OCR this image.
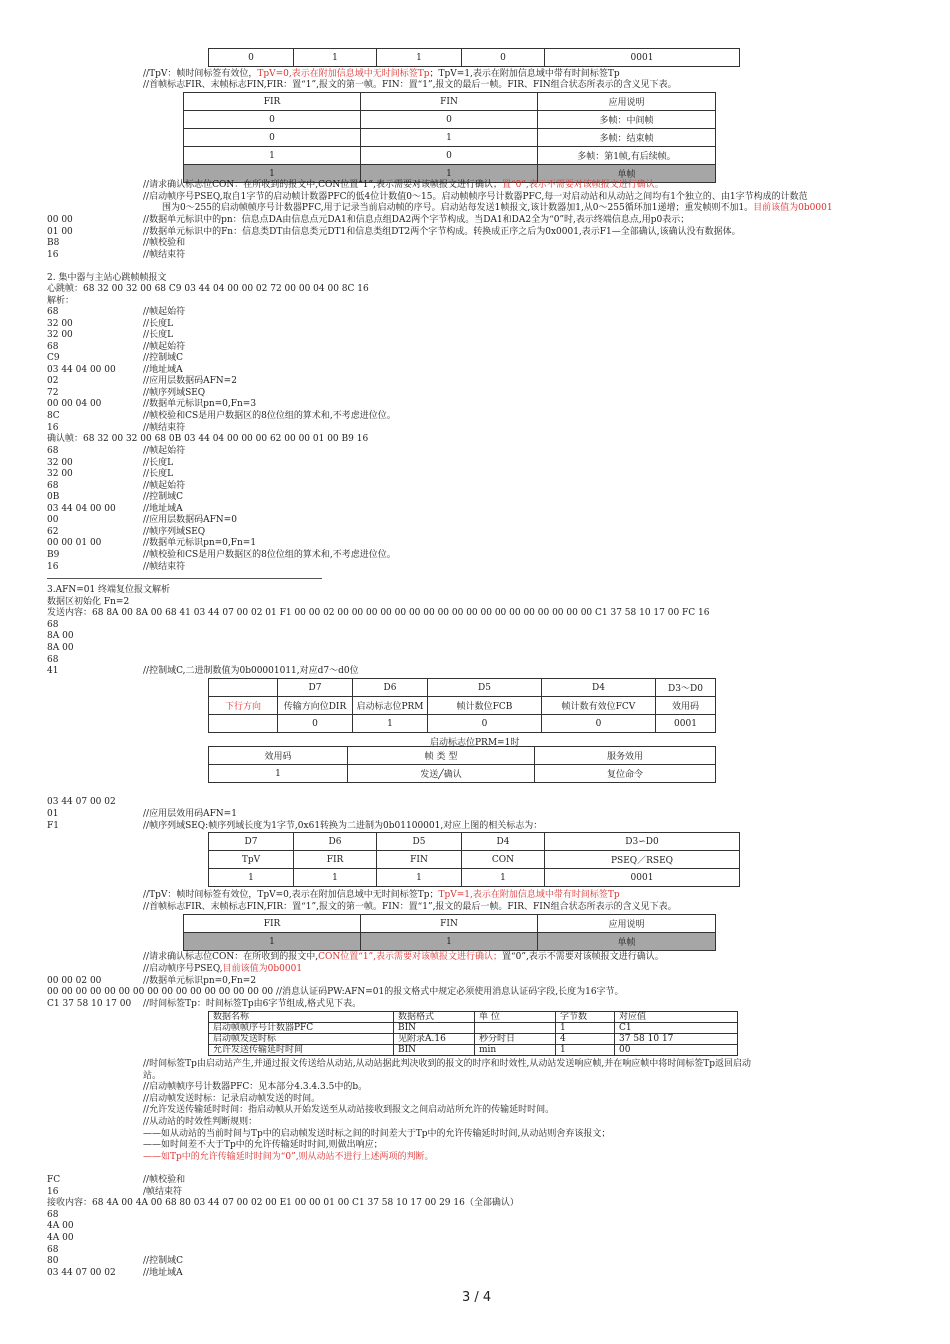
0	1	1	0	0001
//TpV：帧时间标签有效位，TpV=0,表示在附加信息域中无时间标签Tp；TpV=1,表示在附加信息域中带有时间标签Tp
//首帧标志FIR、末帧标志FIN,FIR：置“1”,报文的第一帧。FIN：置“1”,报文的最后一帧。FIR、FIN组合状态所表示的含义见下表。
FIR	FIN	应用说明
0	0	多帧：中间帧
0	1	多帧：结束帧
1	0	多帧：第1帧,有后续帧。
1	1	单帧
//请求确认标志位CON：在所收到的报文中,CON位置“1”,表示需要对该帧报文进行确认；置“0”,表示不需要对该帧报文进行确认。
//启动帧序号PSEQ,取自1字节的启动帧计数器PFC的低4位计数值0～15。启动帧帧序号计数器PFC,每一对启动站和从动站之间均有1个独立的、由1字节构成的计数范
围为0～255的启动帧帧序号计数器PFC,用于记录当前启动帧的序号。启动站每发送1帧报文,该计数器加1,从0～255循环加1递增；重发帧则不加1。目前该值为0b0001
00 00	//数据单元标识中的pn：信息点DA由信息点元DA1和信息点组DA2两个字节构成。当DA1和DA2全为“0”时,表示终端信息点,用p0表示；
01 00	//数据单元标识中的Fn：信息类DT由信息类元DT1和信息类组DT2两个字节构成。转换成正序之后为0x0001,表示F1—全部确认,该确认没有数据体。
B8	//帧校验和
16	//帧结束符
2. 集中器与主站心跳帧帧报文
心跳帧：68 32 00 32 00 68 C9 03 44 04 00 00 02 72 00 00 04 00 8C 16
解析：
68	//帧起始符
32 00	//长度L
32 00	//长度L
68	//帧起始符
C9	//控制域C
03 44 04 00 00	//地址域A
02	//应用层数据码AFN=2
72	//帧序列域SEQ
00 00 04 00	//数据单元标识pn=0,Fn=3
8C	//帧校验和CS是用户数据区的8位位组的算术和,不考虑进位位。
16	//帧结束符
确认帧：68 32 00 32 00 68 0B 03 44 04 00 00 00 62 00 00 01 00 B9 16
68	//帧起始符
32 00	//长度L
32 00	//长度L
68	//帧起始符
0B	//控制域C
03 44 04 00 00	//地址域A
00	//应用层数据码AFN=0
62	//帧序列域SEQ
00 00 01 00	//数据单元标识pn=0,Fn=1
B9	//帧校验和CS是用户数据区的8位位组的算术和,不考虑进位位。
16	//帧结束符
3.AFN=01 终端复位报文解析
数据区初始化 Fn=2
发送内容：68 8A 00 8A 00 68 41 03 44 07 00 02 01 F1 00 00 02 00 00 00 00 00 00 00 00 00 00 00 00 00 00 00 00 00 00 C1 37 58 10 17 00 FC 16
68
8A 00
8A 00
68
41	//控制域C,二进制数值为0b00001011,对应d7～d0位
	D7	D6	D5	D4	D3～D0
下行方向	传输方向位DIR	启动标志位PRM	帧计数位FCB	帧计数有效位FCV	效用码
	0	1	0	0	0001
启动标志位PRM=1时
效用码	帧 类 型	服务效用
1	发送╱确认	复位命令
03 44 07 00 02
01	//应用层效用码AFN=1
F1	//帧序列域SEQ:帧序列域长度为1字节,0x61转换为二进制为0b01100001,对应上图的相关标志为：
D7	D6	D5	D4	D3∽D0
TpV	FIR	FIN	CON	PSEQ／RSEQ
1	1	1	1	0001
//TpV：帧时间标签有效位，TpV=0,表示在附加信息域中无时间标签Tp；TpV=1,表示在附加信息域中带有时间标签Tp
//首帧标志FIR、末帧标志FIN,FIR：置“1”,报文的第一帧。FIN：置“1”,报文的最后一帧。FIR、FIN组合状态所表示的含义见下表。
FIR	FIN	应用说明
1	1	单帧
//请求确认标志位CON：在所收到的报文中,CON位置“1”,表示需要对该帧报文进行确认；置“0”,表示不需要对该帧报文进行确认。
//启动帧序号PSEQ,目前该值为0b0001
00 00 02 00	//数据单元标识pn=0,Fn=2
00 00 00 00 00 00 00 00 00 00 00 00 00 00 00 00 //消息认证码PW:AFN=01的报文格式中规定必须使用消息认证码字段,长度为16字节。
C1 37 58 10 17 00 //时间标签Tp：时间标签Tp由6字节组成,格式见下表。
数据名称	数据格式	单 位	字节数	对应值
启动帧帧序号计数器PFC	BIN		1	C1
启动帧发送时标	见附录A.16	秒分时日	4	37 58 10 17
允许发送传输延时时间	BIN	min	1	00
//时间标签Tp由启动站产生,并通过报文传送给从动站,从动站据此判决收到的报文的时序和时效性,从动站发送响应帧,并在响应帧中将时间标签Tp返回启动
站。
//启动帧帧序号计数器PFC：见本部分4.3.4.3.5中的b。
//启动帧发送时标：记录启动帧发送的时间。
//允许发送传输延时时间：指启动帧从开始发送至从动站接收到报文之间启动站所允许的传输延时时间。
//从动站的时效性判断规则：
——如从动站的当前时间与Tp中的启动帧发送时标之间的时间差大于Tp中的允许传输延时时间,从动站则舍弃该报文；
——如时间差不大于Tp中的允许传输延时时间,则做出响应；
——如Tp中的允许传输延时时间为“0”,则从动站不进行上述两项的判断。
FC	//帧校验和
16	/帧结束符
接收内容：68 4A 00 4A 00 68 80 03 44 07 00 02 00 E1 00 00 01 00 C1 37 58 10 17 00 29 16（全部确认）
68
4A 00
4A 00
68
80	//控制域C
03 44 07 00 02	//地址域A
3 / 4
